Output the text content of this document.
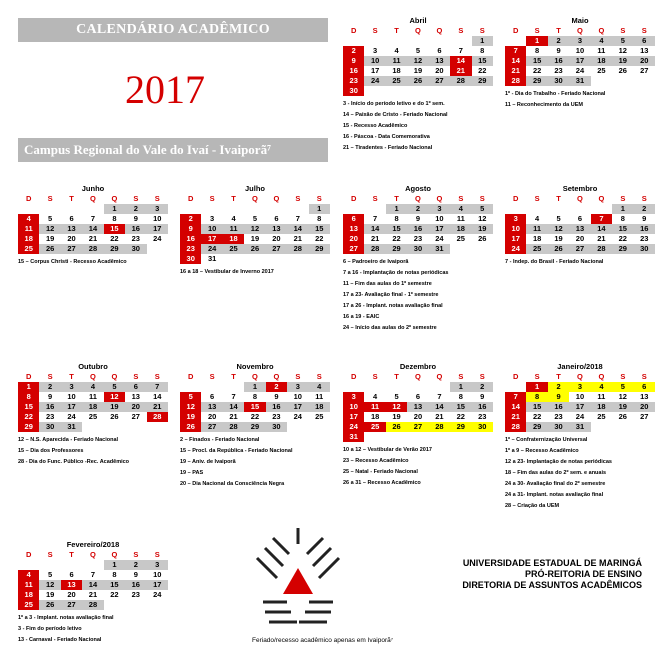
CALENDÁRIO ACADÊMICO
2017
Campus Regional do Vale do Ivaí - Ivaiporã⁷
Abril
D	S	T	Q	Q	S	S
						1
2	3	4	5	6	7	8
9	10	11	12	13	14	15
16	17	18	19	20	21	22
23	24	25	26	27	28	29
30						
3 - Início do período letivo e do 1º sem.
14 – Paixão de Cristo - Feriado Nacional
15 - Recesso Acadêmico
16 - Páscoa - Data Comemorativa
21 – Tiradentes - Feriado Nacional
Maio
D	S	T	Q	Q	S	S
	1	2	3	4	5	6
7	8	9	10	11	12	13
14	15	16	17	18	19	20
21	22	23	24	25	26	27
28	29	30	31			
1º - Dia do Trabalho - Feriado Nacional
11 – Reconhecimento da UEM
Junho
D	S	T	Q	Q	S	S
				1	2	3
4	5	6	7	8	9	10
11	12	13	14	15	16	17
18	19	20	21	22	23	24
25	26	27	28	29	30	
15 – Corpus Christi - Recesso Acadêmico
Julho
D	S	T	Q	Q	S	S
						1
2	3	4	5	6	7	8
9	10	11	12	13	14	15
16	17	18	19	20	21	22
23	24	25	26	27	28	29
30	31					
16 a 18 – Vestibular de Inverno 2017
Agosto
D	S	T	Q	Q	S	S
		1	2	3	4	5
6	7	8	9	10	11	12
13	14	15	16	17	18	19
20	21	22	23	24	25	26
27	28	29	30	31		
6 – Padroeiro de Ivaiporã
7 a 16 - Implantação de notas periódicas
11 – Fim das aulas do 1º semestre
17 a 23- Avaliação final - 1º semestre
17 a 26 - Implant. notas avaliação final
16 a 19 - EAIC
24 – Início das aulas do 2º semestre
Setembro
D	S	T	Q	Q	S	S
					1	2
3	4	5	6	7	8	9
10	11	12	13	14	15	16
17	18	19	20	21	22	23
24	25	26	27	28	29	30
7 - Indep. do Brasil - Feriado Nacional
Outubro
D	S	T	Q	Q	S	S
1	2	3	4	5	6	7
8	9	10	11	12	13	14
15	16	17	18	19	20	21
22	23	24	25	26	27	28
29	30	31				
12 – N.S. Aparecida - Feriado Nacional
15 – Dia dos Professores
28 - Dia do Func. Público -Rec. Acadêmico
Novembro
D	S	T	Q	Q	S	S
			1	2	3	4
5	6	7	8	9	10	11
12	13	14	15	16	17	18
19	20	21	22	23	24	25
26	27	28	29	30		
2 – Finados - Feriado Nacional
15 – Procl. da República - Feriado Nacional
19 – Aniv. de Ivaiporã
19 – PAS
20 – Dia Nacional da Consciência Negra
Dezembro
D	S	T	Q	Q	S	S
					1	2
3	4	5	6	7	8	9
10	11	12	13	14	15	16
17	18	19	20	21	22	23
24	25	26	27	28	29	30
31						
10 a 12 – Vestibular de Verão 2017
23 – Recesso Acadêmico
25 – Natal - Feriado Nacional
26 a 31 – Recesso Acadêmico
Janeiro/2018
D	S	T	Q	Q	S	S
	1	2	3	4	5	6
7	8	9	10	11	12	13
14	15	16	17	18	19	20
21	22	23	24	25	26	27
28	29	30	31			
1º – Confraternização Universal
1º a 9 – Recesso Acadêmico
12 a 23- Implantação de notas periódicas
18 – Fim das aulas do 2º sem. e anuais
24 a 30- Avaliação final do 2º semestre
24 a 31- Implant. notas avaliação final
28 – Criação da UEM
Fevereiro/2018
D	S	T	Q	Q	S	S
				1	2	3
4	5	6	7	8	9	10
11	12	13	14	15	16	17
18	19	20	21	22	23	24
25	26	27	28			
1º a 3 - Implant. notas avaliação final
3 - Fim do período letivo
13 - Carnaval - Feriado Nacional	Feriado/recesso acadêmico apenas em Ivaiporã⁷
UNIVERSIDADE ESTADUAL DE MARINGÁ
PRÓ-REITORIA DE ENSINO
DIRETORIA DE ASSUNTOS ACADÊMICOS
